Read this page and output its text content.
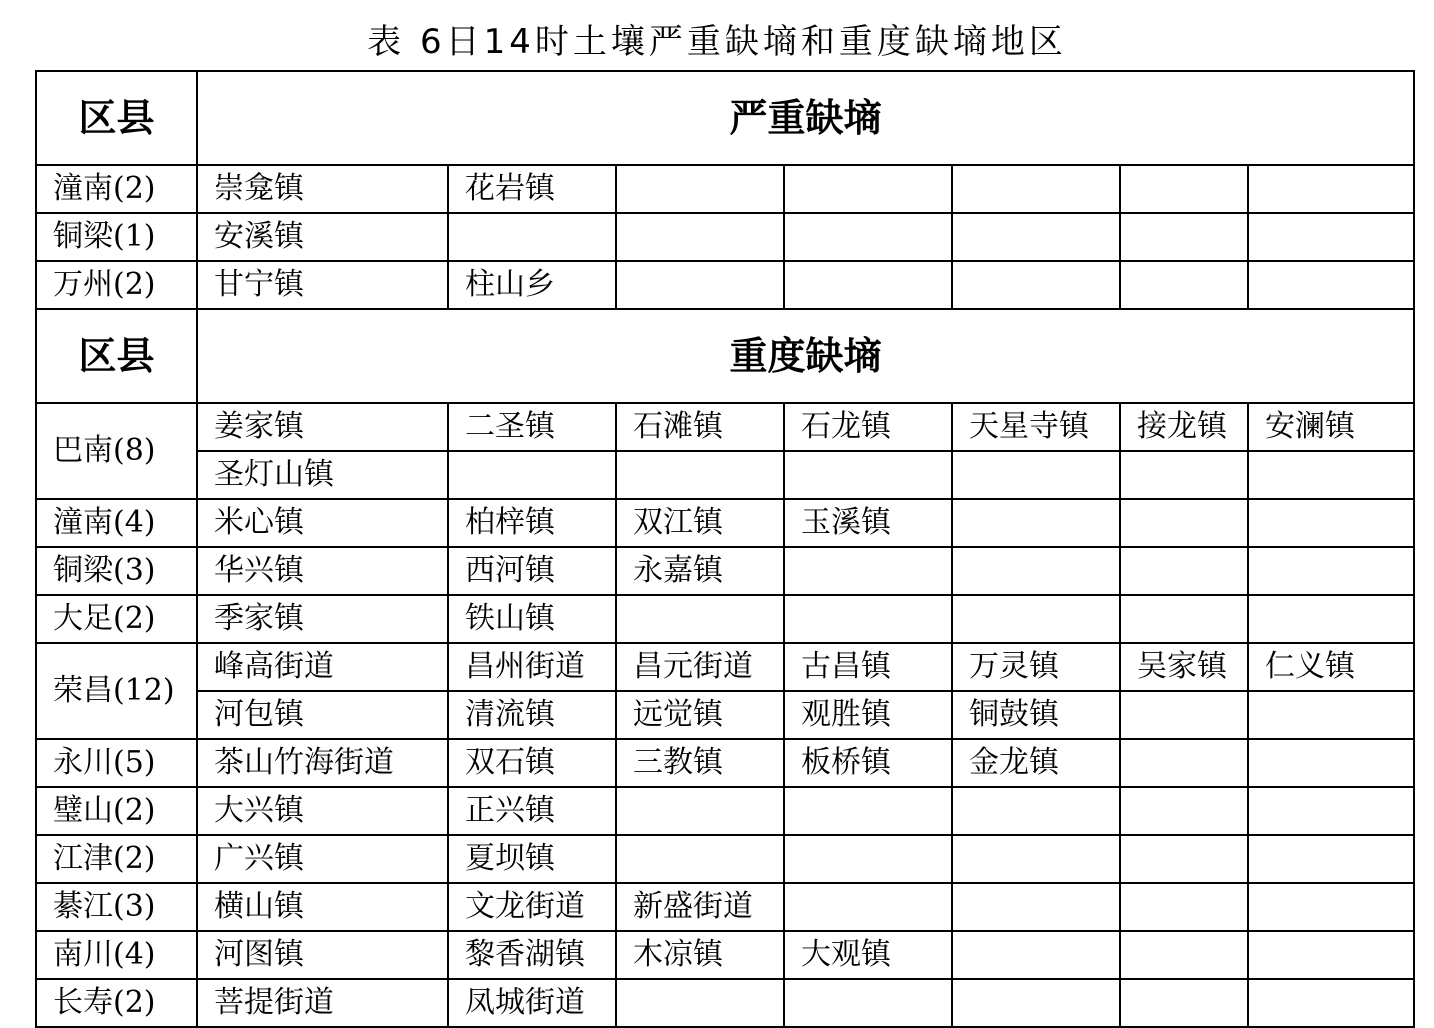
表 6日14时土壤严重缺墒和重度缺墒地区
区县	严重缺墒						
潼南(2)	崇龛镇	花岩镇					
铜梁(1)	安溪镇						
万州(2)	甘宁镇	柱山乡					
区县	重度缺墒						
巴南(8)	姜家镇	二圣镇	石滩镇	石龙镇	天星寺镇	接龙镇	安澜镇
	圣灯山镇						
潼南(4)	米心镇	柏梓镇	双江镇	玉溪镇			
铜梁(3)	华兴镇	西河镇	永嘉镇				
大足(2)	季家镇	铁山镇					
荣昌(12)	峰高街道	昌州街道	昌元街道	古昌镇	万灵镇	吴家镇	仁义镇
	河包镇	清流镇	远觉镇	观胜镇	铜鼓镇		
永川(5)	茶山竹海街道	双石镇	三教镇	板桥镇	金龙镇		
璧山(2)	大兴镇	正兴镇					
江津(2)	广兴镇	夏坝镇					
綦江(3)	横山镇	文龙街道	新盛街道				
南川(4)	河图镇	黎香湖镇	木凉镇	大观镇			
长寿(2)	菩提街道	凤城街道					
